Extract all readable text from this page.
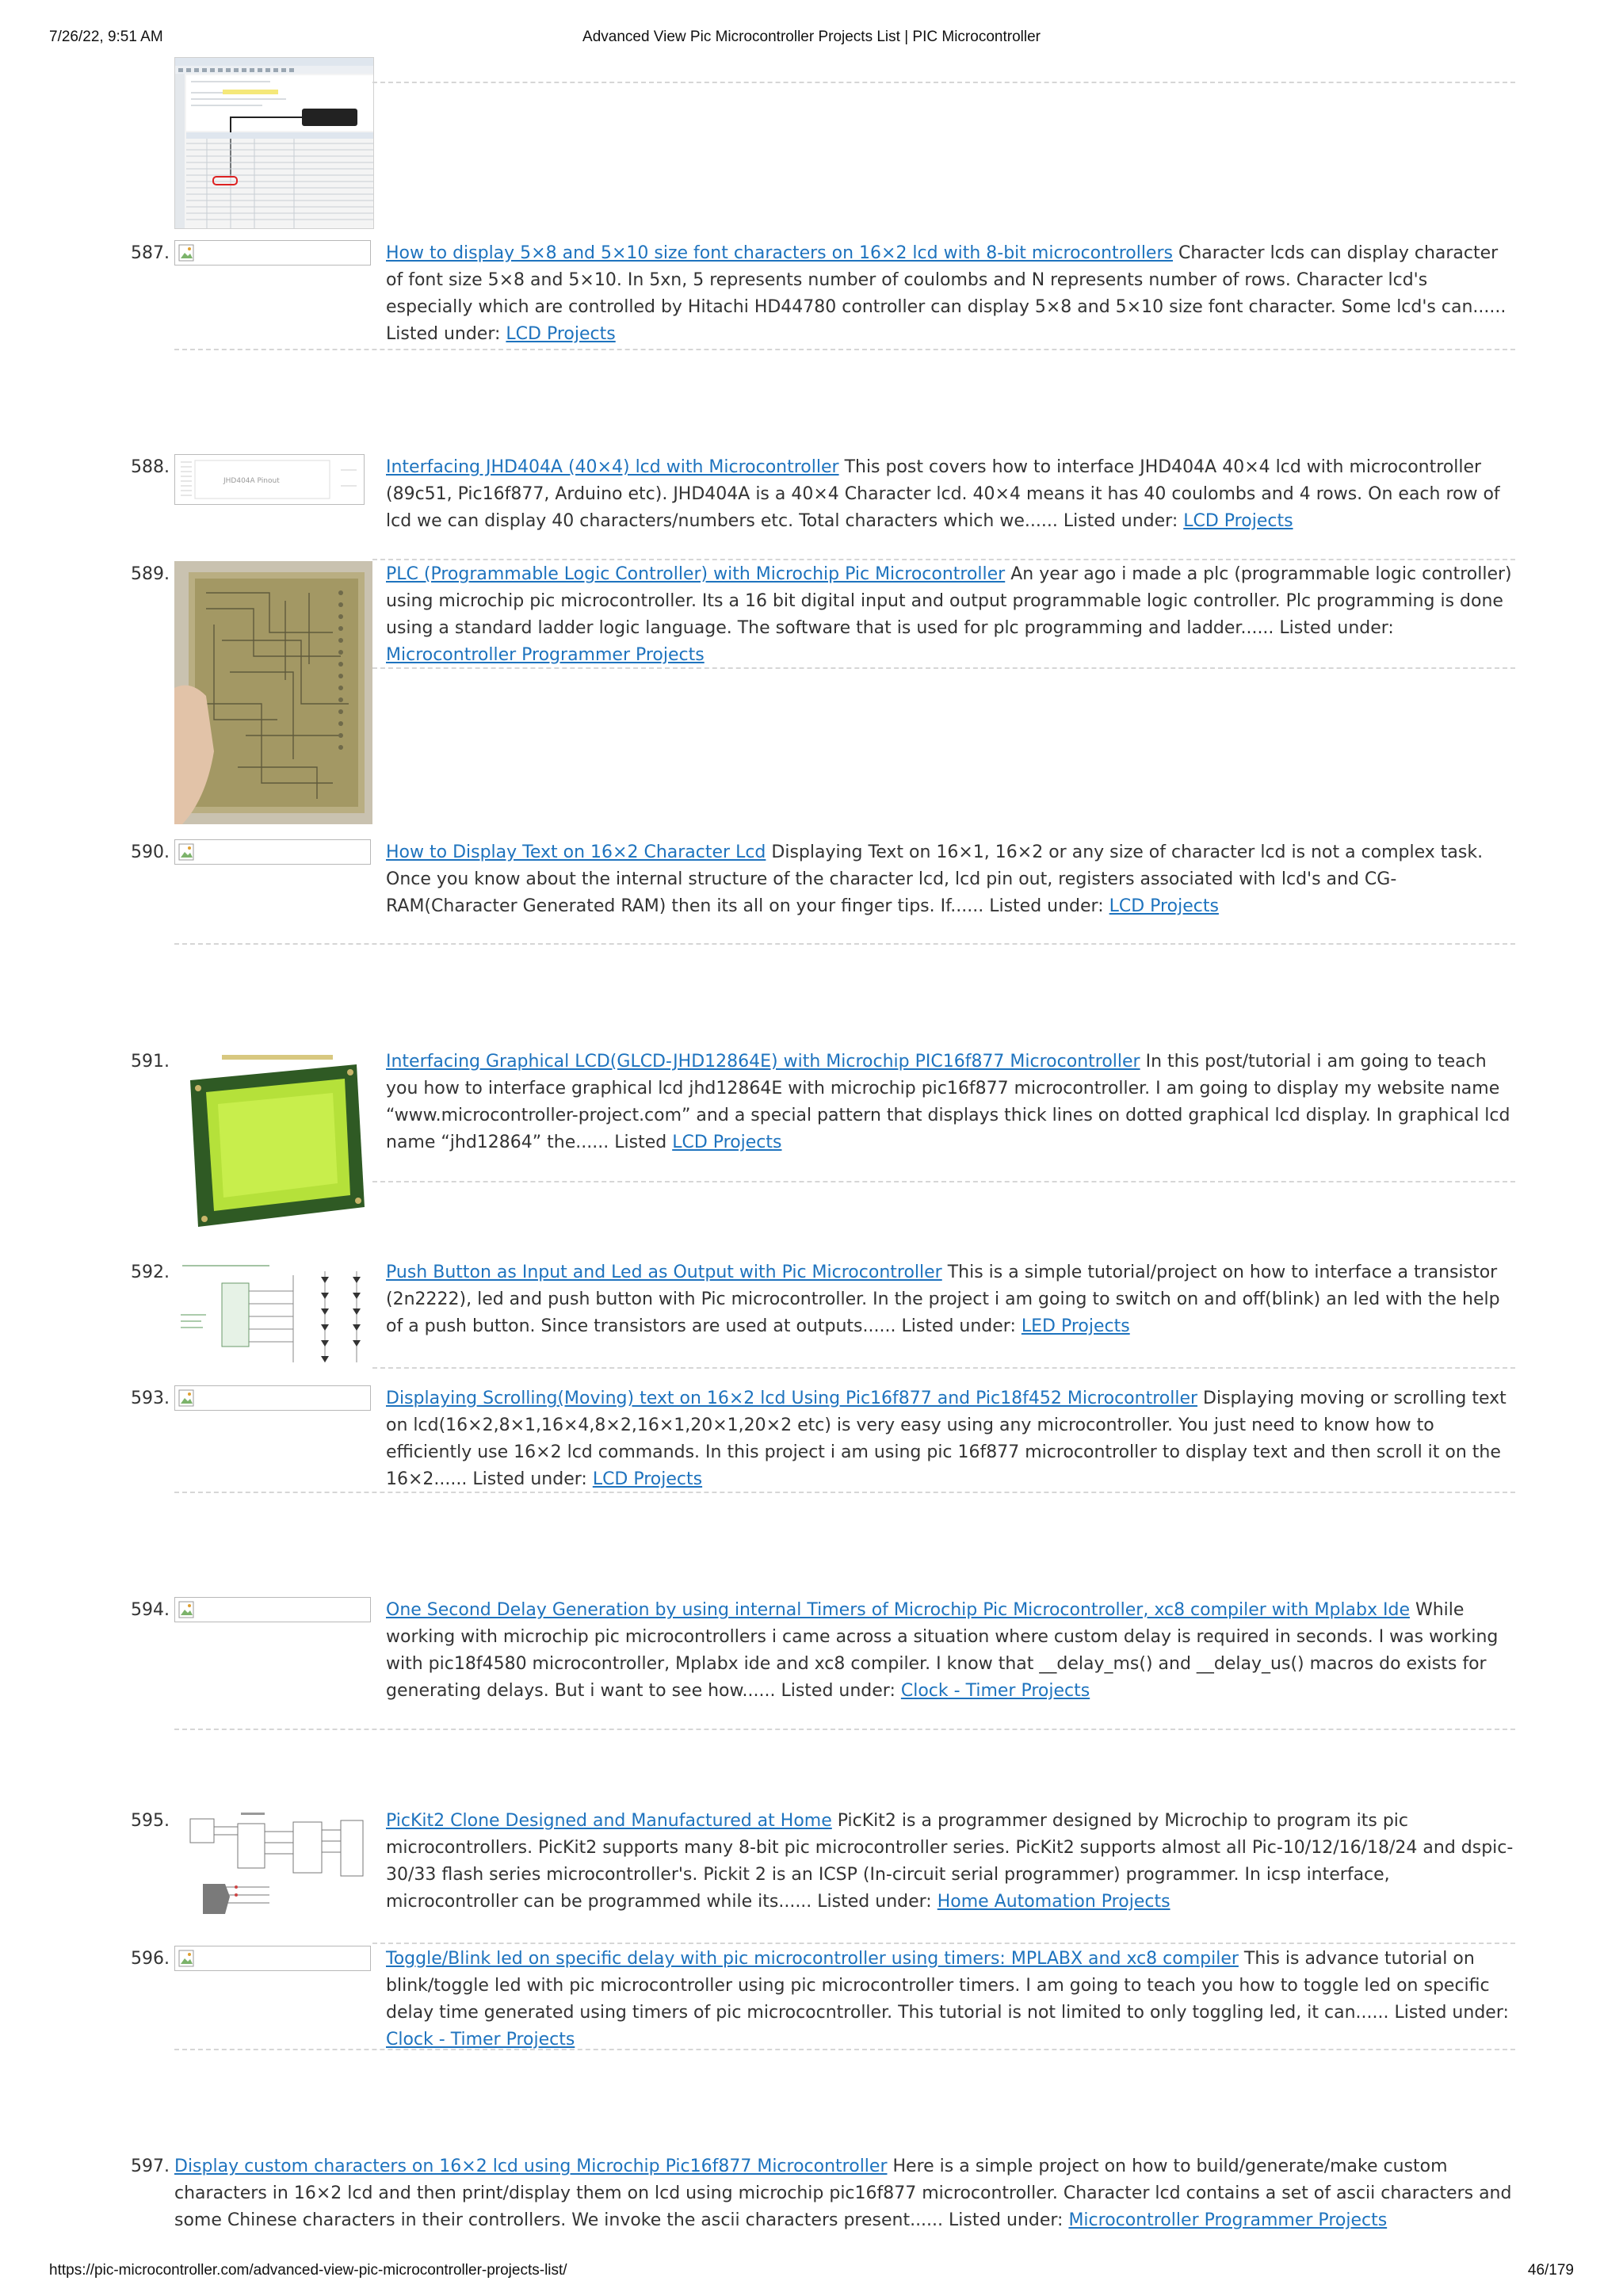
7/26/22, 9:51 AM	Advanced View Pic Microcontroller Projects List | PIC Microcontroller
587.	How to display 5×8 and 5×10 size font characters on 16×2 lcd with 8-bit microcontrollers Character lcds can display character of font size 5×8 and 5×10. In 5xn, 5 represents number of coulombs and N represents number of rows. Character lcd's especially which are controlled by Hitachi HD44780 controller can display 5×8 and 5×10 size font character. Some lcd's can...... Listed under: LCD Projects
588.
JHD404A Pinout
Interfacing JHD404A (40×4) lcd with Microcontroller This post covers how to interface JHD404A 40×4 lcd with microcontroller (89c51, Pic16f877, Arduino etc). JHD404A is a 40×4 Character lcd. 40×4 means it has 40 coulombs and 4 rows. On each row of lcd we can display 40 characters/numbers etc. Total characters which we...... Listed under: LCD Projects
589.	PLC (Programmable Logic Controller) with Microchip Pic Microcontroller An year ago i made a plc (programmable logic controller) using microchip pic microcontroller. Its a 16 bit digital input and output programmable logic controller. Plc programming is done using a standard ladder logic language. The software that is used for plc programming and ladder...... Listed under: Microcontroller Programmer Projects
590.	How to Display Text on 16×2 Character Lcd Displaying Text on 16×1, 16×2 or any size of character lcd is not a complex task. Once you know about the internal structure of the character lcd, lcd pin out, registers associated with lcd's and CG-RAM(Character Generated RAM) then its all on your finger tips. If...... Listed under: LCD Projects
591.	Interfacing Graphical LCD(GLCD-JHD12864E) with Microchip PIC16f877 Microcontroller In this post/tutorial i am going to teach you how to interface graphical lcd jhd12864E with microchip pic16f877 microcontroller. I am going to display my website name “www.microcontroller-project.com” and a special pattern that displays thick lines on dotted graphical lcd display. In graphical lcd name “jhd12864” the...... Listed LCD Projects
592.	Push Button as Input and Led as Output with Pic Microcontroller This is a simple tutorial/project on how to interface a transistor (2n2222), led and push button with Pic microcontroller. In the project i am going to switch on and off(blink) an led with the help of a push button. Since transistors are used at outputs...... Listed under: LED Projects
593.	Displaying Scrolling(Moving) text on 16×2 lcd Using Pic16f877 and Pic18f452 Microcontroller Displaying moving or scrolling text on lcd(16×2,8×1,16×4,8×2,16×1,20×1,20×2 etc) is very easy using any microcontroller. You just need to know how to efficiently use 16×2 lcd commands. In this project i am using pic 16f877 microcontroller to display text and then scroll it on the 16×2...... Listed under: LCD Projects
594.	One Second Delay Generation by using internal Timers of Microchip Pic Microcontroller, xc8 compiler with Mplabx Ide While working with microchip pic microcontrollers i came across a situation where custom delay is required in seconds. I was working with pic18f4580 microcontroller, Mplabx ide and xc8 compiler. I know that __delay_ms() and __delay_us() macros do exists for generating delays. But i want to see how...... Listed under: Clock - Timer Projects
595.	PicKit2 Clone Designed and Manufactured at Home PicKit2 is a programmer designed by Microchip to program its pic microcontrollers. PicKit2 supports many 8-bit pic microcontroller series. PicKit2 supports almost all Pic-10/12/16/18/24 and dspic-30/33 flash series microcontroller's. Pickit 2 is an ICSP (In-circuit serial programmer) programmer. In icsp interface, microcontroller can be programmed while its...... Listed under: Home Automation Projects
596.	Toggle/Blink led on specific delay with pic microcontroller using timers: MPLABX and xc8 compiler This is advance tutorial on blink/toggle led with pic microcontroller using pic microcontroller timers. I am going to teach you how to toggle led on specific delay time generated using timers of pic micrococntroller. This tutorial is not limited to only toggling led, it can...... Listed under: Clock - Timer Projects
597. Display custom characters on 16×2 lcd using Microchip Pic16f877 Microcontroller Here is a simple project on how to build/generate/make custom characters in 16×2 lcd and then print/display them on lcd using microchip pic16f877 microcontroller. Character lcd contains a set of ascii characters and some Chinese characters in their controllers. We invoke the ascii characters present...... Listed under: Microcontroller Programmer Projects
https://pic-microcontroller.com/advanced-view-pic-microcontroller-projects-list/	46/179
